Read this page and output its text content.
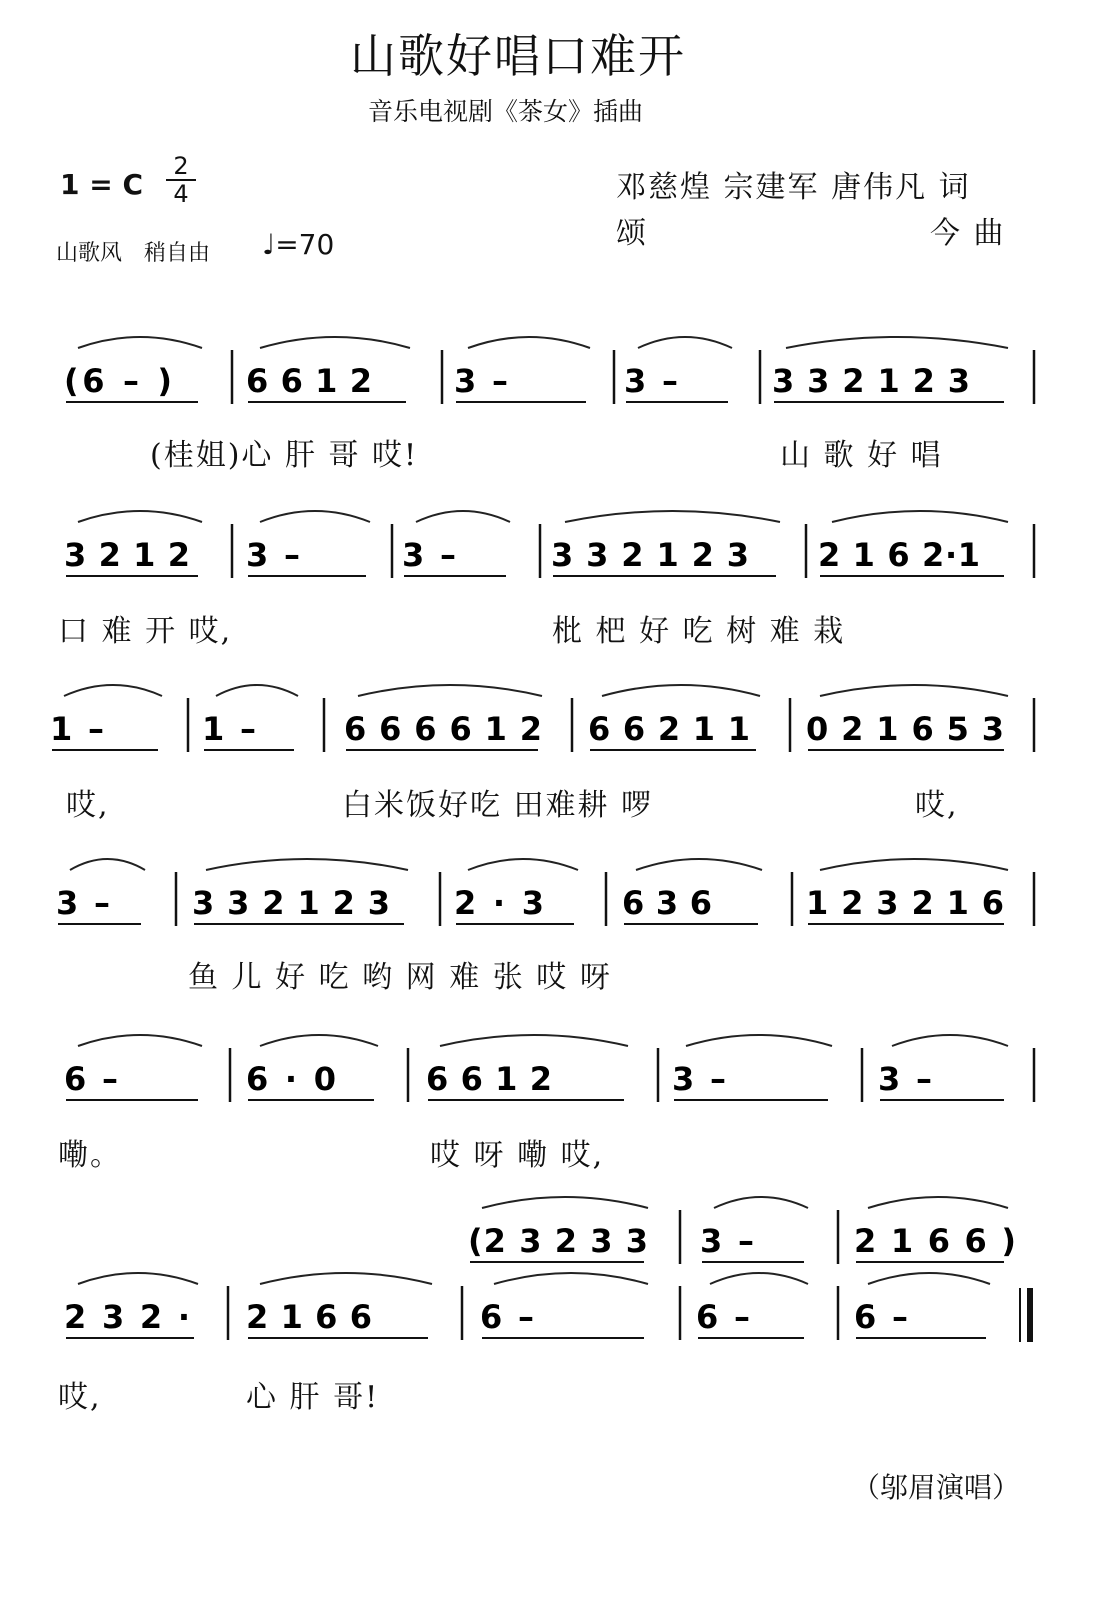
(6 – ) 6 6 1 2	3 –	3 –	3 3 2 1 2 3
3 2 1 2 3 –	3 –	3 3 2 1 2 3 2 1 6 2·1
1 –	1 –	6 6 6 6 1 2 6 6 2 1 1 0 2 1 6 5 3
3 –	3 3 2 1 2 3 2 · 3 6 3 6	1 2 3 2 1 6
6 –	6 · 0	6 6 1 2	3 –	3 –
(2 3 2 3 3 3 –	2 1 6 6 )
2 3 2 · 2 1 6 6	6 –	6 –	6 –
山歌好唱口难开
音乐电视剧《茶女》插曲
1 = C
2
4
山歌风　稍自由 ♩=70
邓慈煌 宗建军 唐伟凡 词
颂	今 曲
(桂姐)心 肝 哥 哎!	山 歌 好 唱
口 难 开 哎,	枇 杷 好 吃 树 难 栽
哎,	白米饭好吃 田难耕 啰	哎,
鱼 儿 好 吃 哟 网 难 张 哎 呀
嘞。	哎 呀 嘞 哎,
哎,	心 肝 哥!
（邬眉演唱）
